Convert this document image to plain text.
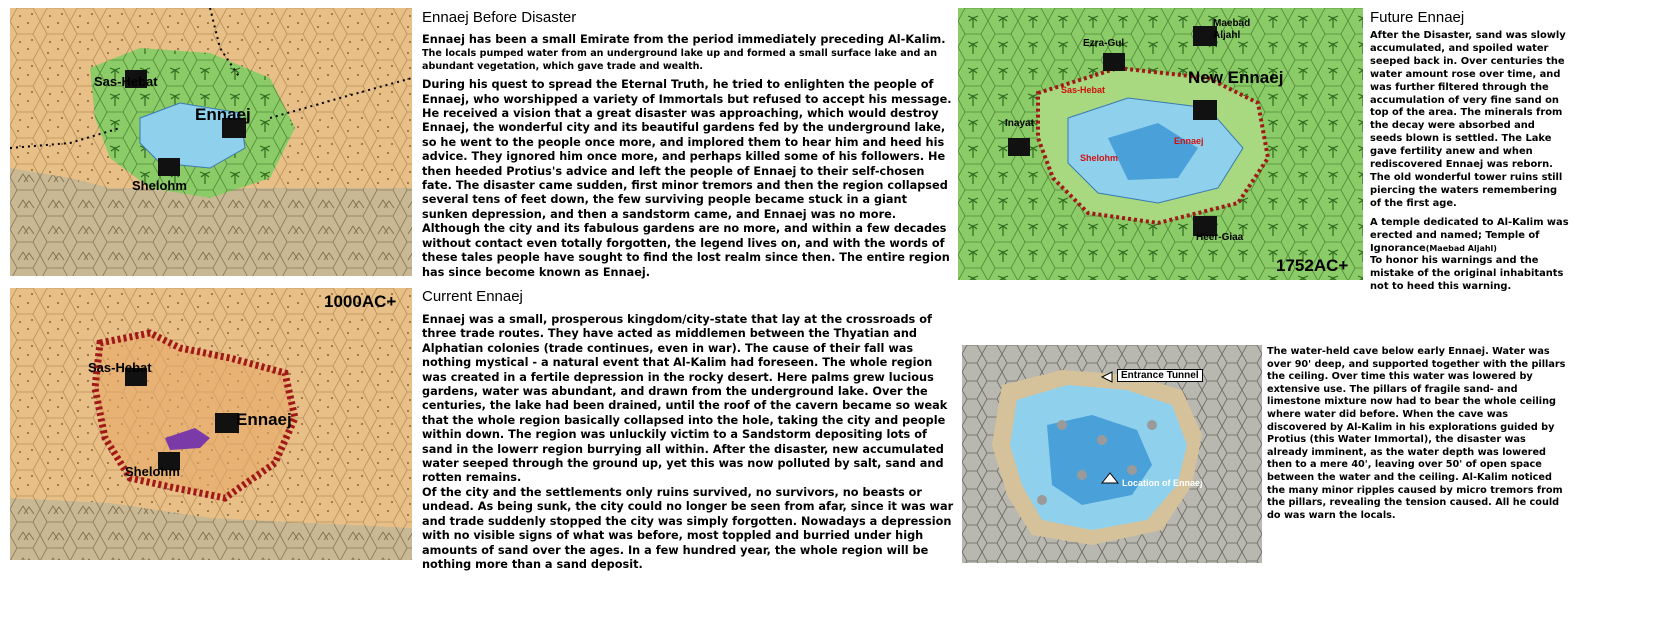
Ennaej
Sas-Hebat
Shelohm
1000AC+
Ennaej
Sas-Hebat
Shelohm
New Ennaej
Maebad Aljahl
Ezra-Gul
Inayat
Heer-Giaa
Sas-Hebat
Shelohm
Ennaej
1752AC+
Entrance Tunnel
Location of Ennaej
Ennaej Before Disaster

Ennaej has been a small Emirate from the period immediately preceding Al-Kalim.

The locals pumped water from an underground lake up and formed a small surface lake and an abundant vegetation, which gave trade and wealth.

During his quest to spread the Eternal Truth, he tried to enlighten the people of Ennaej, who worshipped a variety of Immortals but refused to accept his message. He received a vision that a great disaster was approaching, which would destroy Ennaej, the wonderful city and its beautiful gardens fed by the underground lake, so he went to the people once more, and implored them to hear him and heed his advice. They ignored him once more, and perhaps killed some of his followers. He then heeded Protius's advice and left the people of Ennaej to their self-chosen fate. The disaster came sudden, first minor tremors and then the region collapsed several tens of feet down, the few surviving people became stuck in a giant sunken depression, and then a sandstorm came, and Ennaej was no more. Although the city and its fabulous gardens are no more, and within a few decades without contact even totally forgotten, the legend lives on, and with the words of these tales people have sought to find the lost realm since then. The entire region has since become known as Ennaej.

Current Ennaej

Ennaej was a small, prosperous kingdom/city-state that lay at the crossroads of three trade routes. They have acted as middlemen between the Thyatian and Alphatian colonies (trade continues, even in war). The cause of their fall was nothing mystical - a natural event that Al-Kalim had foreseen. The whole region was created in a fertile depression in the rocky desert. Here palms grew lucious gardens, water was abundant, and drawn from the underground lake. Over the centuries, the lake had been drained, until the roof of the cavern became so weak that the whole region basically collapsed into the hole, taking the city and people within down. The region was unluckily victim to a Sandstorm depositing lots of sand in the lowerr region burrying all within. After the disaster, new accumulated water seeped through the ground up, yet this was now polluted by salt, sand and rotten remains.

Of the city and the settlements only ruins survived, no survivors, no beasts or undead. As being sunk, the city could no longer be seen from afar, since it was war and trade suddenly stopped the city was simply forgotten. Nowadays a depression with no visible signs of what was before, most toppled and burried under high amounts of sand over the ages. In a few hundred year, the whole region will be nothing more than a sand deposit.

Future Ennaej

After the Disaster, sand was slowly accumulated, and spoiled water seeped back in. Over centuries the water amount rose over time, and was further filtered through the accumulation of very fine sand on top of the area. The minerals from the decay were absorbed and seeds blown is settled. The Lake gave fertility anew and when rediscovered Ennaej was reborn. The old wonderful tower ruins still piercing the waters remembering of the first age.

A temple dedicated to Al-Kalim was erected and named; Temple of Ignorance(Maebad Aljahl)

To honor his warnings and the mistake of the original inhabitants not to heed this warning.

The water-held cave below early Ennaej. Water was over 90' deep, and supported together with the pillars the ceiling. Over time this water was lowered by extensive use. The pillars of fragile sand- and limestone mixture now had to bear the whole ceiling where water did before. When the cave was discovered by Al-Kalim in his explorations guided by Protius (this Water Immortal), the disaster was already imminent, as the water depth was lowered then to a mere 40', leaving over 50' of open space between the water and the ceiling. Al-Kalim noticed the many minor ripples caused by micro tremors from the pillars, revealing the tension caused. All he could do was warn the locals.
